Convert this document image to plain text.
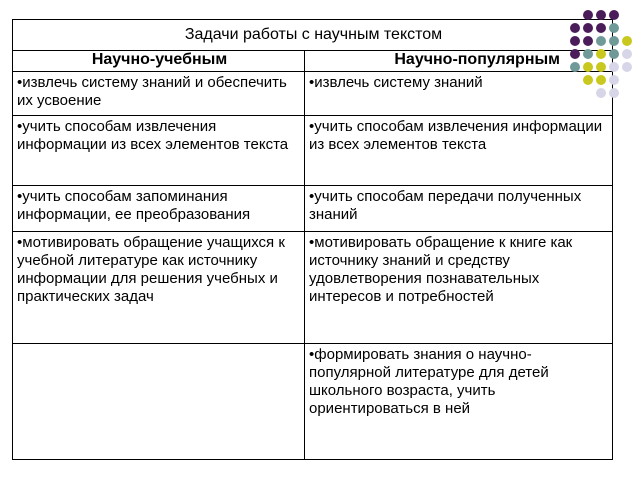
Задачи работы с научным текстом	
Научно-учебным	Научно-популярным
• извлечь систему знаний и обеспечить их усвоение	• извлечь систему знаний
• учить способам извлечения информации из всех элементов текста	• учить способам извлечения информации из всех элементов текста
• учить способам запоминания информации, ее преобразования	• учить способам передачи полученных знаний
• мотивировать обращение учащихся к учебной литературе как источнику информации для решения учебных и практических задач	• мотивировать обращение к книге как источнику знаний и средству удовлетворения познавательных интересов и потребностей
	• формировать знания о научно-популярной литературе для детей школьного возраста, учить ориентироваться в ней
